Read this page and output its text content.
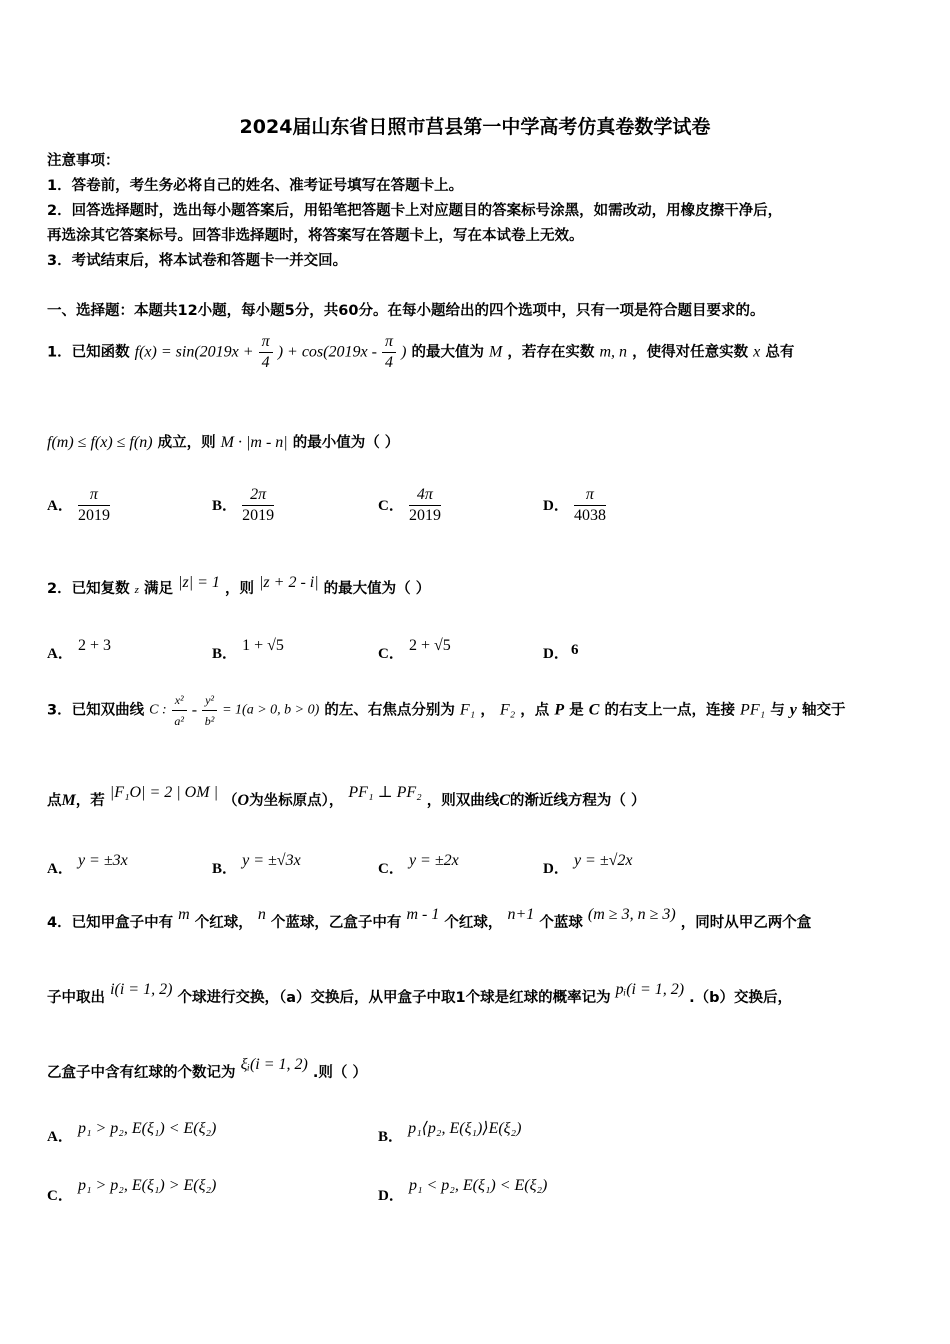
2024届山东省日照市莒县第一中学高考仿真卷数学试卷
注意事项：
1．答卷前，考生务必将自己的姓名、准考证号填写在答题卡上。
2．回答选择题时，选出每小题答案后，用铅笔把答题卡上对应题目的答案标号涂黑，如需改动，用橡皮擦干净后，
再选涂其它答案标号。回答非选择题时，将答案写在答题卡上，写在本试卷上无效。
3．考试结束后，将本试卷和答题卡一并交回。
一、选择题：本题共12小题，每小题5分，共60分。在每小题给出的四个选项中，只有一项是符合题目要求的。
1．已知函数 $f(x) = \sin(2019x + \frac{\pi}{4}$ ) + $\cos(2019x - \frac{\pi}{4}$ ) 的最大值为 M ，若存在实数 m, n ，使得对任意实数 x 总有
f(m) ≤ f(x) ≤ f(n) 成立，则 M · |m - n| 的最小值为（ ）
A． $\frac{\pi}{2019}$	B． $\frac{2\pi}{2019}$	C． $\frac{4\pi}{2019}$	D． $\frac{\pi}{4038}$
2．已知复数 z 满足 |z| = 1 ，则 |z + 2 - i| 的最大值为（ ）
A． 2 + 3	B． 1 + √5	C． 2 + √5	D． 6
3．已知双曲线 C : $\frac{\text{x²}}{\text{a²}} - \frac{\text{y²}}{\text{b²}} = 1(a > 0$, b > 0) 的左、右焦点分别为 F₁ ， F₂ ，点 P 是 C 的右支上一点，连接 PF₁ 与 y 轴交于
点M，若 |F₁O| = 2 | OM | （O为坐标原点）， PF₁ ⊥ PF₂ ，则双曲线C的渐近线方程为（ ）
A． y = ±3x	B． y = ±√3x	C． y = ±2x	D． y = ±√2x
4．已知甲盒子中有 m 个红球， n 个蓝球，乙盒子中有 m - 1 个红球， n+1 个蓝球 (m ≥ 3, n ≥ 3) ，同时从甲乙两个盒
子中取出 i(i = 1, 2) 个球进行交换，（a）交换后，从甲盒子中取1个球是红球的概率记为 pᵢ(i = 1, 2) .（b）交换后，
乙盒子中含有红球的个数记为 ξᵢ(i = 1, 2) .则（ ）
A． p₁ > p₂, E(ξ₁) < E(ξ₂)	B． p₁⟨p₂, E(ξ₁)⟩E(ξ₂)
C． p₁ > p₂, E(ξ₁) > E(ξ₂)
D． p₁ < p₂, E(ξ₁) < E(ξ₂)
